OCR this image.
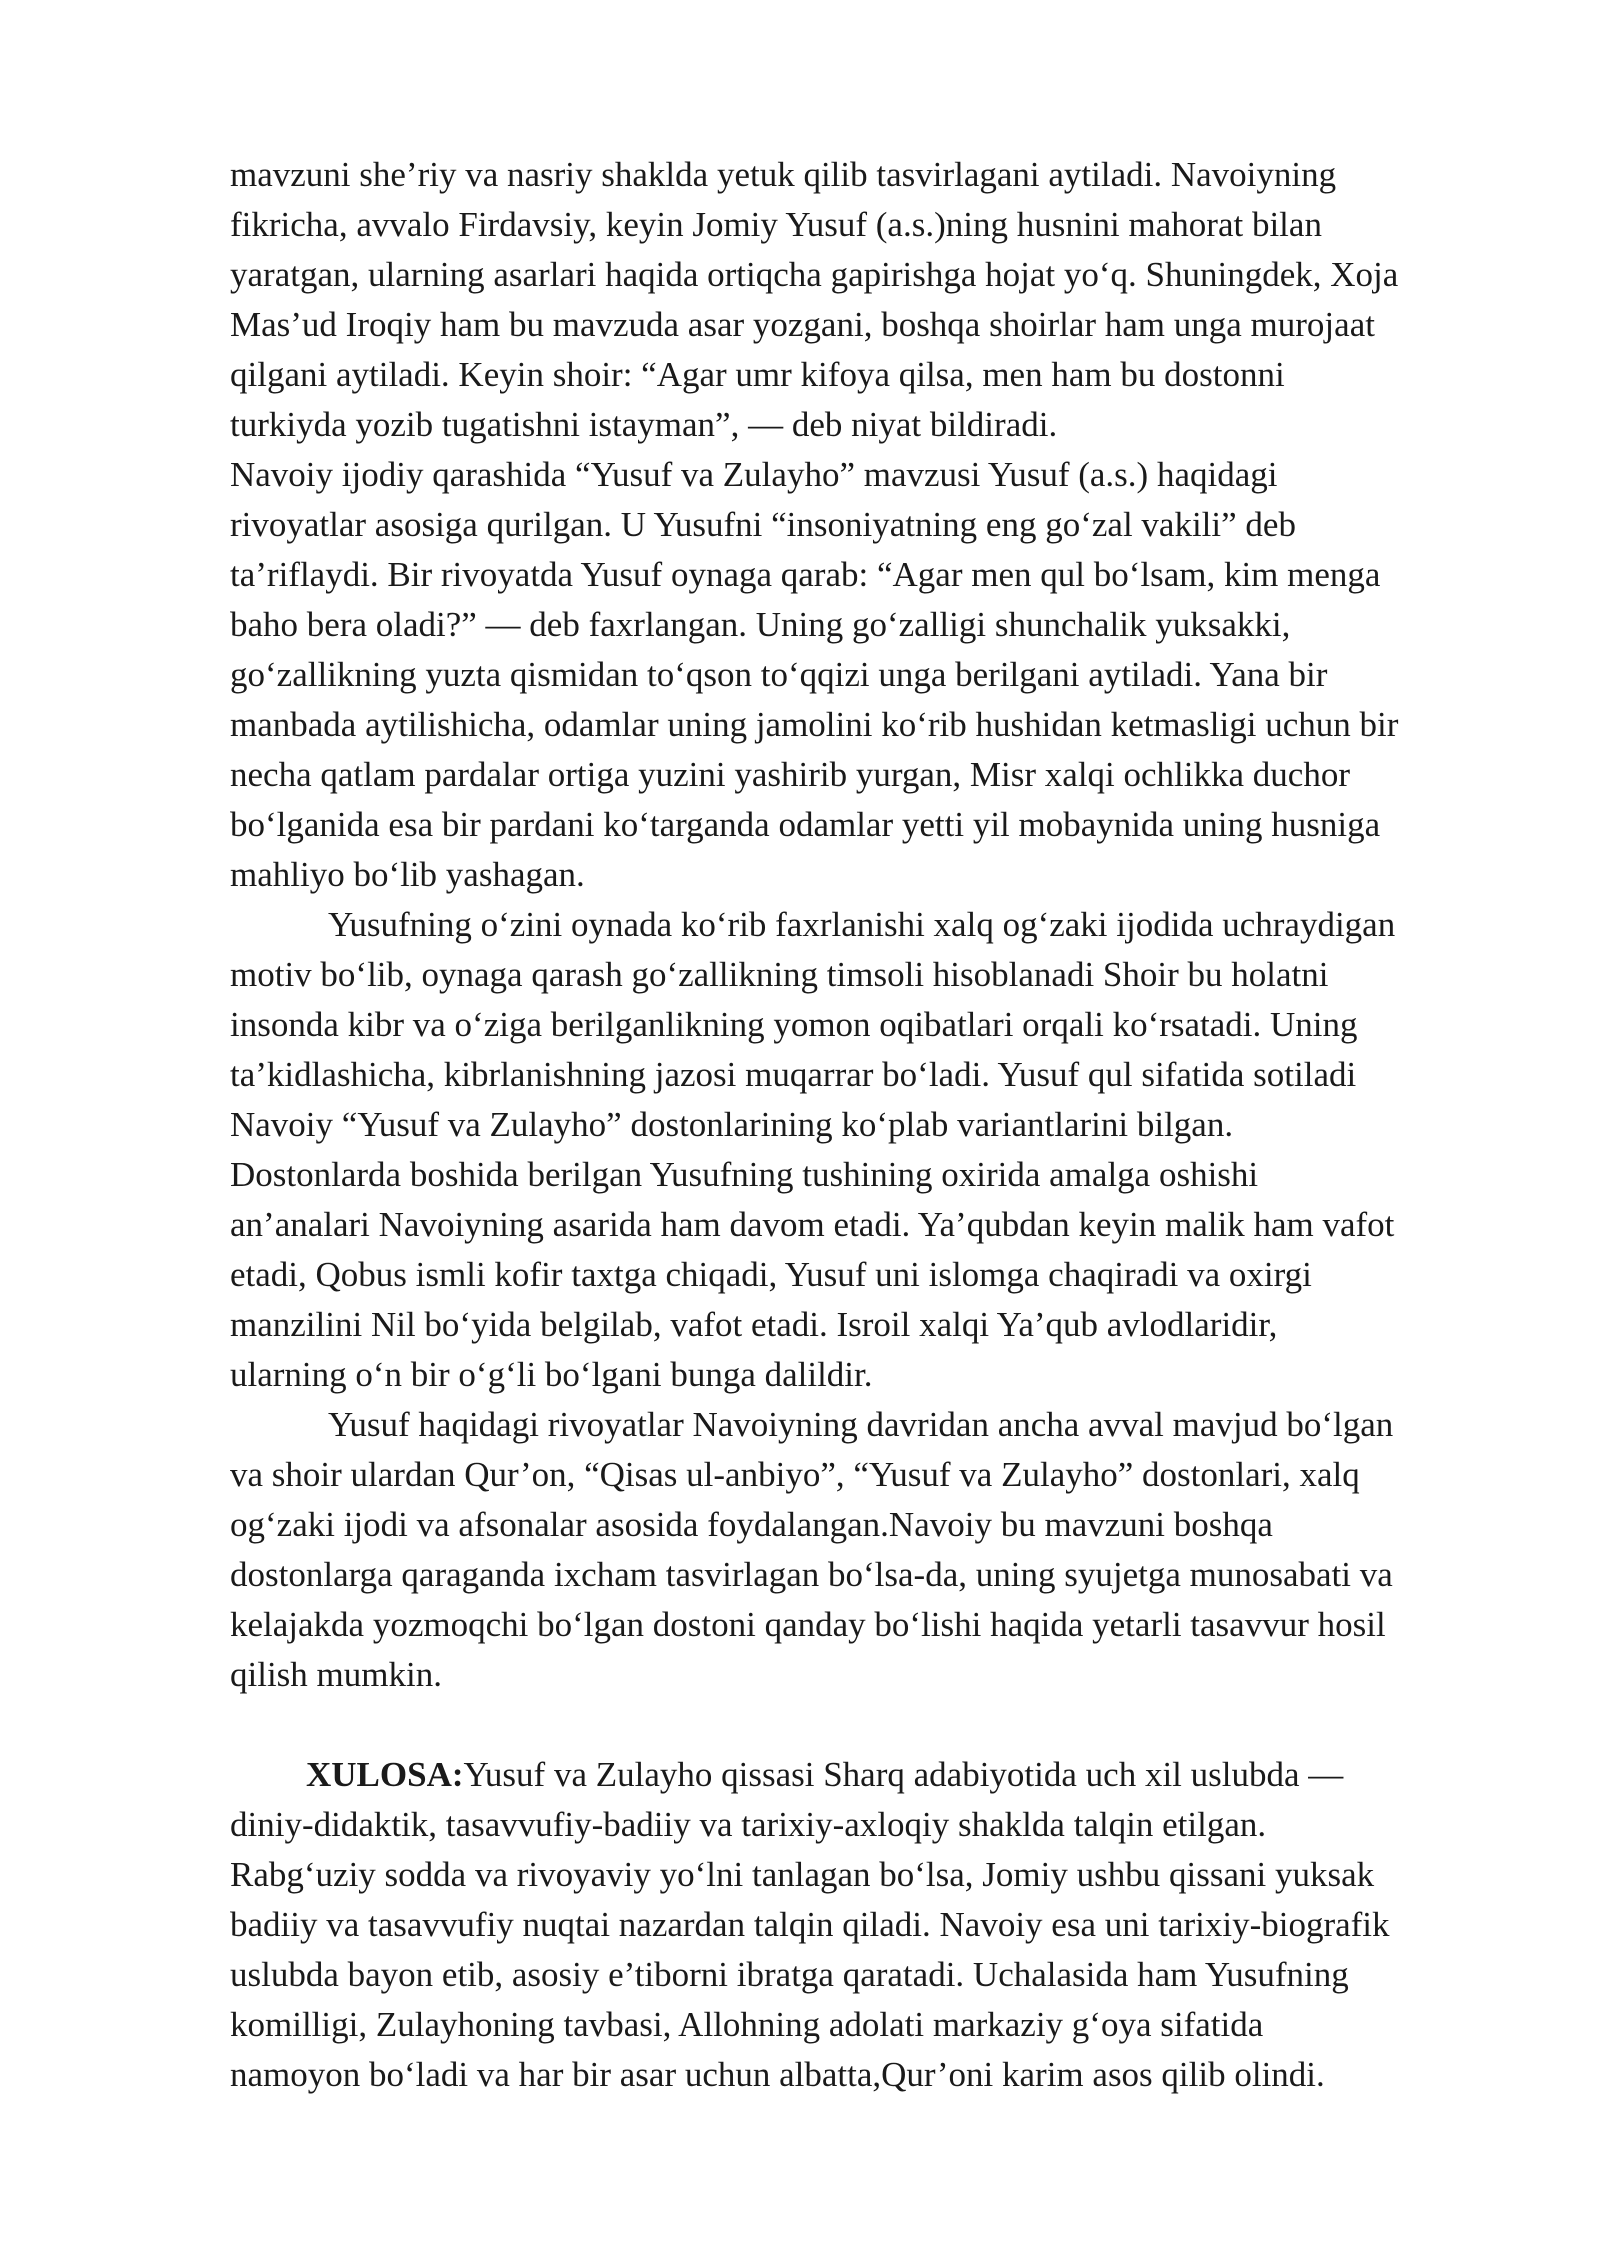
mavzuni she’riy va nasriy shaklda yetuk qilib tasvirlagani aytiladi. Navoiyning
fikricha, avvalo Firdavsiy, keyin Jomiy Yusuf (a.s.)ning husnini mahorat bilan
yaratgan, ularning asarlari haqida ortiqcha gapirishga hojat yo‘q. Shuningdek, Xoja
Mas’ud Iroqiy ham bu mavzuda asar yozgani, boshqa shoirlar ham unga murojaat
qilgani aytiladi. Keyin shoir: “Agar umr kifoya qilsa, men ham bu dostonni
turkiyda yozib tugatishni istayman”, — deb niyat bildiradi.
Navoiy ijodiy qarashida “Yusuf va Zulayho” mavzusi Yusuf (a.s.) haqidagi
rivoyatlar asosiga qurilgan. U Yusufni “insoniyatning eng go‘zal vakili” deb
ta’riflaydi. Bir rivoyatda Yusuf oynaga qarab: “Agar men qul bo‘lsam, kim menga
baho bera oladi?” — deb faxrlangan. Uning go‘zalligi shunchalik yuksakki,
go‘zallikning yuzta qismidan to‘qson to‘qqizi unga berilgani aytiladi. Yana bir
manbada aytilishicha, odamlar uning jamolini ko‘rib hushidan ketmasligi uchun bir
necha qatlam pardalar ortiga yuzini yashirib yurgan, Misr xalqi ochlikka duchor
bo‘lganida esa bir pardani ko‘targanda odamlar yetti yil mobaynida uning husniga
mahliyo bo‘lib yashagan.
Yusufning o‘zini oynada ko‘rib faxrlanishi xalq og‘zaki ijodida uchraydigan
motiv bo‘lib, oynaga qarash go‘zallikning timsoli hisoblanadi Shoir bu holatni
insonda kibr va o‘ziga berilganlikning yomon oqibatlari orqali ko‘rsatadi. Uning
ta’kidlashicha, kibrlanishning jazosi muqarrar bo‘ladi. Yusuf qul sifatida sotiladi
Navoiy “Yusuf va Zulayho” dostonlarining ko‘plab variantlarini bilgan.
Dostonlarda boshida berilgan Yusufning tushining oxirida amalga oshishi
an’analari Navoiyning asarida ham davom etadi. Ya’qubdan keyin malik ham vafot
etadi, Qobus ismli kofir taxtga chiqadi, Yusuf uni islomga chaqiradi va oxirgi
manzilini Nil bo‘yida belgilab, vafot etadi. Isroil xalqi Ya’qub avlodlaridir,
ularning o‘n bir o‘g‘li bo‘lgani bunga dalildir.
Yusuf haqidagi rivoyatlar Navoiyning davridan ancha avval mavjud bo‘lgan
va shoir ulardan Qur’on, “Qisas ul-anbiyo”, “Yusuf va Zulayho” dostonlari, xalq
og‘zaki ijodi va afsonalar asosida foydalangan.Navoiy bu mavzuni boshqa
dostonlarga qaraganda ixcham tasvirlagan bo‘lsa-da, uning syujetga munosabati va
kelajakda yozmoqchi bo‘lgan dostoni qanday bo‘lishi haqida yetarli tasavvur hosil
qilish mumkin.
XULOSA:Yusuf va Zulayho qissasi Sharq adabiyotida uch xil uslubda —
diniy-didaktik, tasavvufiy-badiiy va tarixiy-axloqiy shaklda talqin etilgan.
Rabg‘uziy sodda va rivoyaviy yo‘lni tanlagan bo‘lsa, Jomiy ushbu qissani yuksak
badiiy va tasavvufiy nuqtai nazardan talqin qiladi. Navoiy esa uni tarixiy-biografik
uslubda bayon etib, asosiy e’tiborni ibratga qaratadi. Uchalasida ham Yusufning
komilligi, Zulayhoning tavbasi, Allohning adolati markaziy g‘oya sifatida
namoyon bo‘ladi va har bir asar uchun albatta,Qur’oni karim asos qilib olindi.
